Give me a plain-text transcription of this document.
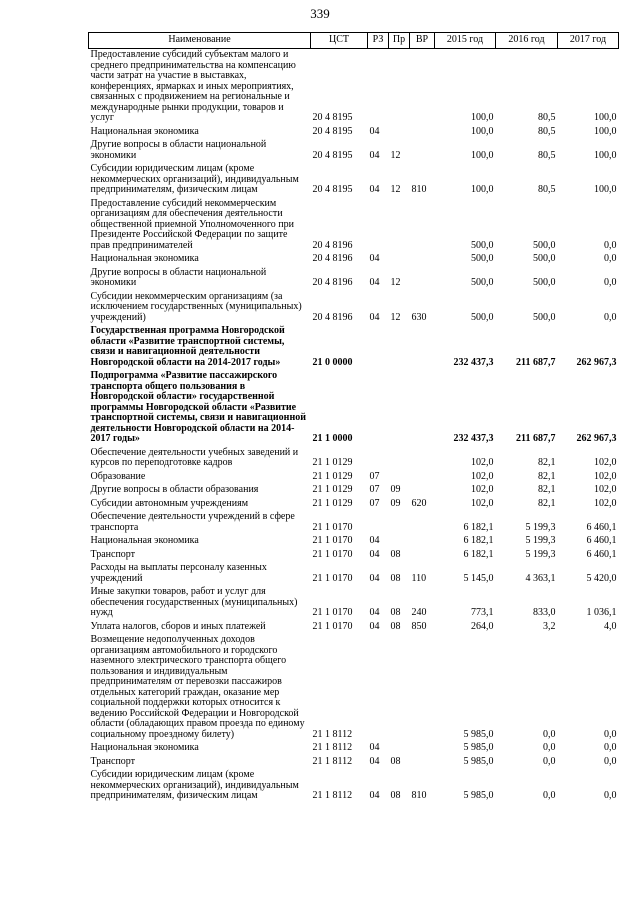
339
Наименование	ЦСТ	РЗ	Пр	ВР	2015 год	2016 год	2017 год
Предоставление субсидий субъектам малого и среднего предпринимательства на компенсацию части затрат на участие в выставках, конференциях, ярмарках и иных мероприятиях, связанных с продвижением на региональные и международные рынки продукции, товаров и услуг	20 4 8195				100,0	80,5	100,0
Национальная экономика	20 4 8195	04			100,0	80,5	100,0
Другие вопросы в области национальной экономики	20 4 8195	04	12		100,0	80,5	100,0
Субсидии юридическим лицам (кроме некоммерческих организаций), индивидуальным предпринимателям, физическим лицам	20 4 8195	04	12	810	100,0	80,5	100,0
Предоставление субсидий некоммерческим организациям для обеспечения деятельности общественной приемной Уполномоченного при Президенте Российской Федерации по защите прав предпринимателей	20 4 8196				500,0	500,0	0,0
Национальная экономика	20 4 8196	04			500,0	500,0	0,0
Другие вопросы в области национальной экономики	20 4 8196	04	12		500,0	500,0	0,0
Субсидии некоммерческим организациям (за исключением государственных (муниципальных) учреждений)	20 4 8196	04	12	630	500,0	500,0	0,0
Государственная программа Новгородской области «Развитие транспортной системы, связи и навигационной деятельности Новгородской области на 2014-2017 годы»	21 0 0000				232 437,3	211 687,7	262 967,3
Подпрограмма «Развитие пассажирского транспорта общего пользования в Новгородской области» государственной программы Новгородской области «Развитие транспортной системы, связи и навигационной деятельности Новгородской области на 2014-2017 годы»	21 1 0000				232 437,3	211 687,7	262 967,3
Обеспечение деятельности учебных заведений и курсов по переподготовке кадров	21 1 0129				102,0	82,1	102,0
Образование	21 1 0129	07			102,0	82,1	102,0
Другие вопросы в области образования	21 1 0129	07	09		102,0	82,1	102,0
Субсидии автономным учреждениям	21 1 0129	07	09	620	102,0	82,1	102,0
Обеспечение деятельности учреждений в сфере транспорта	21 1 0170				6 182,1	5 199,3	6 460,1
Национальная экономика	21 1 0170	04			6 182,1	5 199,3	6 460,1
Транспорт	21 1 0170	04	08		6 182,1	5 199,3	6 460,1
Расходы на выплаты персоналу казенных учреждений	21 1 0170	04	08	110	5 145,0	4 363,1	5 420,0
Иные закупки товаров, работ и услуг для обеспечения государственных (муниципальных) нужд	21 1 0170	04	08	240	773,1	833,0	1 036,1
Уплата налогов, сборов и иных платежей	21 1 0170	04	08	850	264,0	3,2	4,0
Возмещение недополученных доходов организациям автомобильного и городского наземного электрического транспорта общего пользования и индивидуальным предпринимателям от перевозки пассажиров отдельных категорий граждан, оказание мер социальной поддержки которых относится к ведению Российской Федерации и Новгородской области (обладающих правом проезда по единому социальному проездному билету)	21 1 8112				5 985,0	0,0	0,0
Национальная экономика	21 1 8112	04			5 985,0	0,0	0,0
Транспорт	21 1 8112	04	08		5 985,0	0,0	0,0
Субсидии юридическим лицам (кроме некоммерческих организаций), индивидуальным предпринимателям, физическим лицам	21 1 8112	04	08	810	5 985,0	0,0	0,0
